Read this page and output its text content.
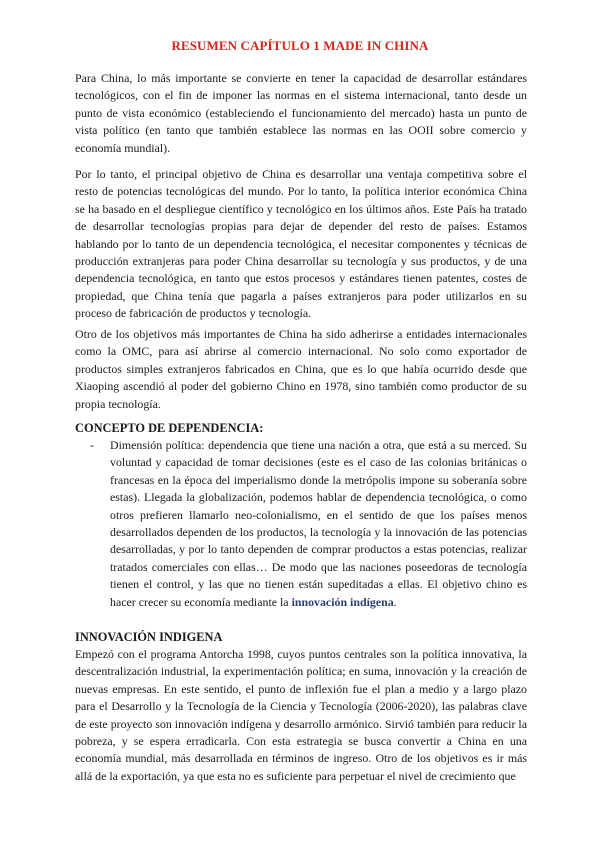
RESUMEN CAPÍTULO 1 MADE IN CHINA

Para China, lo más importante se convierte en tener la capacidad de desarrollar estándares tecnológicos, con el fin de imponer las normas en el sistema internacional, tanto desde un punto de vista económico (estableciendo el funcionamiento del mercado) hasta un punto de vista político (en tanto que también establece las normas en las OOII sobre comercio y economía mundial).

Por lo tanto, el principal objetivo de China es desarrollar una ventaja competitiva sobre el resto de potencias tecnológicas del mundo. Por lo tanto, la política interior económica China se ha basado en el despliegue científico y tecnológico en los últimos años. Este País ha tratado de desarrollar tecnologías propias para dejar de depender del resto de países. Estamos hablando por lo tanto de un dependencia tecnológica, el necesitar componentes y técnicas de producción extranjeras para poder China desarrollar su tecnología y sus productos, y de una dependencia tecnológica, en tanto que estos procesos y estándares tienen patentes, costes de propiedad, que China tenía que pagarla a países extranjeros para poder utilizarlos en su proceso de fabricación de productos y tecnología.

Otro de los objetivos más importantes de China ha sido adherirse a entidades internacionales como la OMC, para así abrirse al comercio internacional. No solo como exportador de productos simples extranjeros fabricados en China, que es lo que había ocurrido desde que Xiaoping ascendió al poder del gobierno Chino en 1978, sino también como productor de su propia tecnología.

CONCEPTO DE DEPENDENCIA:
- Dimensión política: dependencia que tiene una nación a otra, que está a su merced. Su voluntad y capacidad de tomar decisiones (este es el caso de las colonias británicas o francesas en la época del imperialismo donde la metrópolis impone su soberanía sobre estas). Llegada la globalización, podemos hablar de dependencia tecnológica, o como otros prefieren llamarlo neo-colonialismo, en el sentido de que los países menos desarrollados dependen de los productos, la tecnología y la innovación de las potencias desarrolladas, y por lo tanto dependen de comprar productos a estas potencias, realizar tratados comerciales con ellas… De modo que las naciones poseedoras de tecnología tienen el control, y las que no tienen están supeditadas a ellas. El objetivo chino es hacer crecer su economía mediante la innovación indígena.

INNOVACIÓN INDIGENA

Empezó con el programa Antorcha 1998, cuyos puntos centrales son la política innovativa, la descentralización industrial, la experimentación política; en suma, innovación y la creación de nuevas empresas. En este sentido, el punto de inflexión fue el plan a medio y a largo plazo para el Desarrollo y la Tecnología de la Ciencia y Tecnología (2006-2020), las palabras clave de este proyecto son innovación indígena y desarrollo armónico. Sirvió también para reducir la pobreza, y se espera erradicarla. Con esta estrategia se busca convertir a China en una economía mundial, más desarrollada en términos de ingreso. Otro de los objetivos es ir más allá de la exportación, ya que esta no es suficiente para perpetuar el nivel de crecimiento que
